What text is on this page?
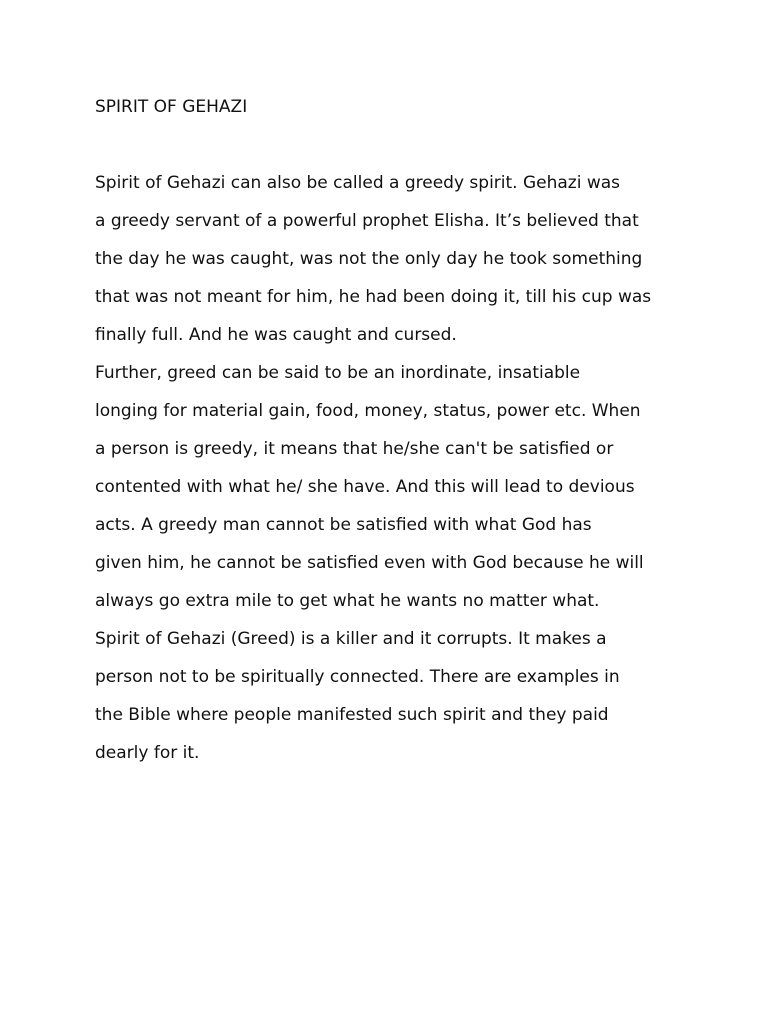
SPIRIT OF GEHAZI
Spirit of Gehazi can also be called a greedy spirit. Gehazi was
a greedy servant of a powerful prophet Elisha. It’s believed that
the day he was caught, was not the only day he took something
that was not meant for him, he had been doing it, till his cup was
finally full. And he was caught and cursed.
Further, greed can be said to be an inordinate, insatiable
longing for material gain, food, money, status, power etc. When
a person is greedy, it means that he/she can't be satisfied or
contented with what he/ she have. And this will lead to devious
acts. A greedy man cannot be satisfied with what God has
given him, he cannot be satisfied even with God because he will
always go extra mile to get what he wants no matter what.
Spirit of Gehazi (Greed) is a killer and it corrupts. It makes a
person not to be spiritually connected. There are examples in
the Bible where people manifested such spirit and they paid
dearly for it.
